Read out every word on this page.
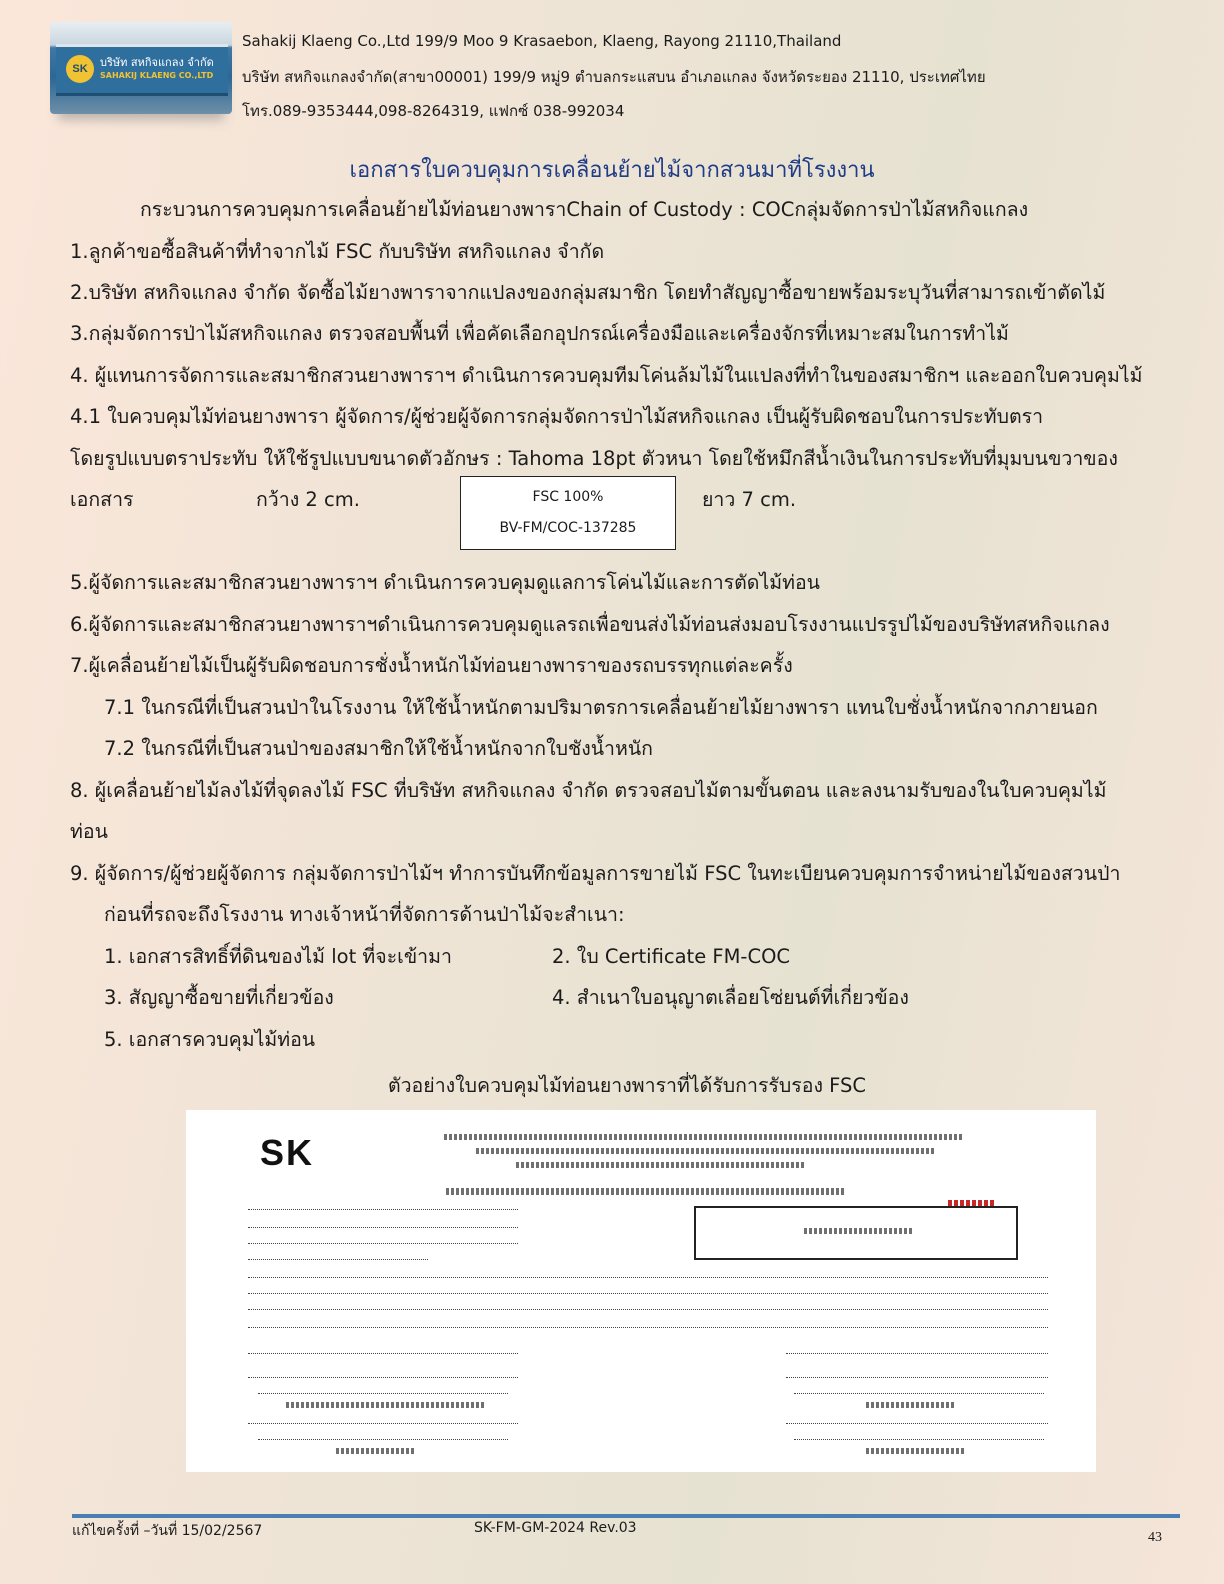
SK	บริษัท สหกิจแกลง จำกัด
SAHAKIJ KLAENG CO.,LTD
Sahakij Klaeng Co.,Ltd 199/9 Moo 9 Krasaebon, Klaeng, Rayong 21110,Thailand
บริษัท สหกิจแกลงจำกัด(สาขา00001) 199/9 หมู่9 ตำบลกระแสบน อำเภอแกลง จังหวัดระยอง 21110, ประเทศไทย
โทร.089-9353444,098-8264319, แฟกซ์ 038-992034
เอกสารใบควบคุมการเคลื่อนย้ายไม้จากสวนมาที่โรงงาน
กระบวนการควบคุมการเคลื่อนย้ายไม้ท่อนยางพาราChain of Custody : COCกลุ่มจัดการป่าไม้สหกิจแกลง
1.ลูกค้าขอซื้อสินค้าที่ทำจากไม้ FSC กับบริษัท สหกิจแกลง จำกัด
2.บริษัท สหกิจแกลง จำกัด จัดซื้อไม้ยางพาราจากแปลงของกลุ่มสมาชิก โดยทำสัญญาซื้อขายพร้อมระบุวันที่สามารถเข้าตัดไม้
3.กลุ่มจัดการป่าไม้สหกิจแกลง ตรวจสอบพื้นที่ เพื่อคัดเลือกอุปกรณ์เครื่องมือและเครื่องจักรที่เหมาะสมในการทำไม้
4. ผู้แทนการจัดการและสมาชิกสวนยางพาราฯ ดำเนินการควบคุมทีมโค่นล้มไม้ในแปลงที่ทำในของสมาชิกฯ และออกใบควบคุมไม้
4.1 ใบควบคุมไม้ท่อนยางพารา ผู้จัดการ/ผู้ช่วยผู้จัดการกลุ่มจัดการป่าไม้สหกิจแกลง เป็นผู้รับผิดชอบในการประทับตรา
โดยรูปแบบตราประทับ ให้ใช้รูปแบบขนาดตัวอักษร : Tahoma 18pt ตัวหนา โดยใช้หมึกสีน้ำเงินในการประทับที่มุมบนขวาของ
เอกสาร	กว้าง 2 cm.	FSC 100%
BV-FM/COC-137285
ยาว 7 cm.
5.ผู้จัดการและสมาชิกสวนยางพาราฯ ดำเนินการควบคุมดูแลการโค่นไม้และการตัดไม้ท่อน
6.ผู้จัดการและสมาชิกสวนยางพาราฯดำเนินการควบคุมดูแลรถเพื่อขนส่งไม้ท่อนส่งมอบโรงงานแปรรูปไม้ของบริษัทสหกิจแกลง
7.ผู้เคลื่อนย้ายไม้เป็นผู้รับผิดชอบการชั่งน้ำหนักไม้ท่อนยางพาราของรถบรรทุกแต่ละครั้ง
7.1 ในกรณีที่เป็นสวนป่าในโรงงาน ให้ใช้น้ำหนักตามปริมาตรการเคลื่อนย้ายไม้ยางพารา แทนใบชั่งน้ำหนักจากภายนอก
7.2 ในกรณีที่เป็นสวนป่าของสมาชิกให้ใช้น้ำหนักจากใบชังน้ำหนัก
8. ผู้เคลื่อนย้ายไม้ลงไม้ที่จุดลงไม้ FSC ที่บริษัท สหกิจแกลง จำกัด ตรวจสอบไม้ตามขั้นตอน และลงนามรับของในใบควบคุมไม้
ท่อน
9. ผู้จัดการ/ผู้ช่วยผู้จัดการ กลุ่มจัดการป่าไม้ฯ ทำการบันทึกข้อมูลการขายไม้ FSC ในทะเบียนควบคุมการจำหน่ายไม้ของสวนป่า
ก่อนที่รถจะถึงโรงงาน ทางเจ้าหน้าที่จัดการด้านป่าไม้จะสำเนา:
1. เอกสารสิทธิ์ที่ดินของไม้ lot ที่จะเข้ามา	2. ใบ Certificate FM-COC
3. สัญญาซื้อขายที่เกี่ยวข้อง	4. สำเนาใบอนุญาตเลื่อยโซ่ยนต์ที่เกี่ยวข้อง
5. เอกสารควบคุมไม้ท่อน
ตัวอย่างใบควบคุมไม้ท่อนยางพาราที่ได้รับการรับรอง FSC
SK
แก้ไขครั้งที่ –วันที่ 15/02/2567	SK-FM-GM-2024 Rev.03
43
